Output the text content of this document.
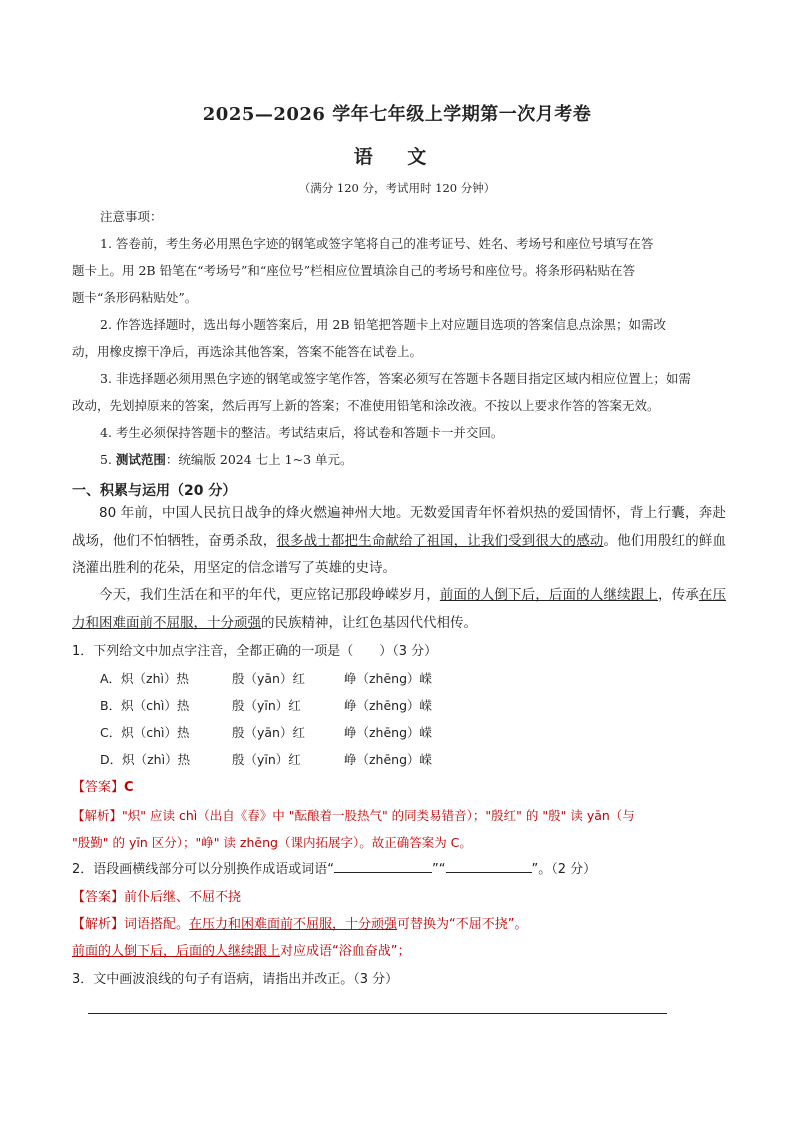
2025—2026 学年七年级上学期第一次月考卷
语 文
（满分 120 分，考试用时 120 分钟）
注意事项：
1. 答卷前，考生务必用黑色字迹的钢笔或签字笔将自己的准考证号、姓名、考场号和座位号填写在答
题卡上。用 2B 铅笔在“考场号”和“座位号”栏相应位置填涂自己的考场号和座位号。将条形码粘贴在答
题卡“条形码粘贴处”。
2. 作答选择题时，选出每小题答案后，用 2B 铅笔把答题卡上对应题目选项的答案信息点涂黑；如需改
动，用橡皮擦干净后，再选涂其他答案，答案不能答在试卷上。
3. 非选择题必须用黑色字迹的钢笔或签字笔作答，答案必须写在答题卡各题目指定区域内相应位置上；如需
改动，先划掉原来的答案，然后再写上新的答案；不准使用铅笔和涂改液。不按以上要求作答的答案无效。
4. 考生必须保持答题卡的整洁。考试结束后，将试卷和答题卡一并交回。
5. 测试范围：统编版 2024 七上 1~3 单元。
一、积累与运用（20 分）
80 年前，中国人民抗日战争的烽火燃遍神州大地。无数爱国青年怀着炽热的爱国情怀，背上行囊，奔赴战场，他们不怕牺牲，奋勇杀敌，很多战士都把生命献给了祖国，让我们受到很大的感动。他们用殷红的鲜血浇灌出胜利的花朵，用坚定的信念谱写了英雄的史诗。
今天，我们生活在和平的年代，更应铭记那段峥嵘岁月，前面的人倒下后，后面的人继续跟上，传承在压力和困难面前不屈服，十分顽强的民族精神，让红色基因代代相传。
1．下列给文中加点字注音，全都正确的一项是（　　）（3 分）
A．炽（zhì）热	殷（yān）红	峥（zhēng）嵘
B．炽（chì）热	殷（yīn）红	峥（zhēng）嵘
C．炽（chì）热	殷（yān）红	峥（zhēng）嵘
D．炽（zhì）热	殷（yīn）红	峥（zhēng）嵘
【答案】C
【解析】"炽" 应读 chì（出自《春》中 "酝酿着一股热气" 的同类易错音）；"殷红" 的 "殷" 读 yān（与
"殷勤" 的 yīn 区分）；"峥" 读 zhēng（课内拓展字）。故正确答案为 C。
2．语段画横线部分可以分别换作成语或词语“	”“	”。（2 分）
【答案】前仆后继、不屈不挠
【解析】词语搭配。在压力和困难面前不屈服，十分顽强可替换为“不屈不挠”。
前面的人倒下后，后面的人继续跟上对应成语“浴血奋战”；
3．文中画波浪线的句子有语病，请指出并改正。（3 分）
